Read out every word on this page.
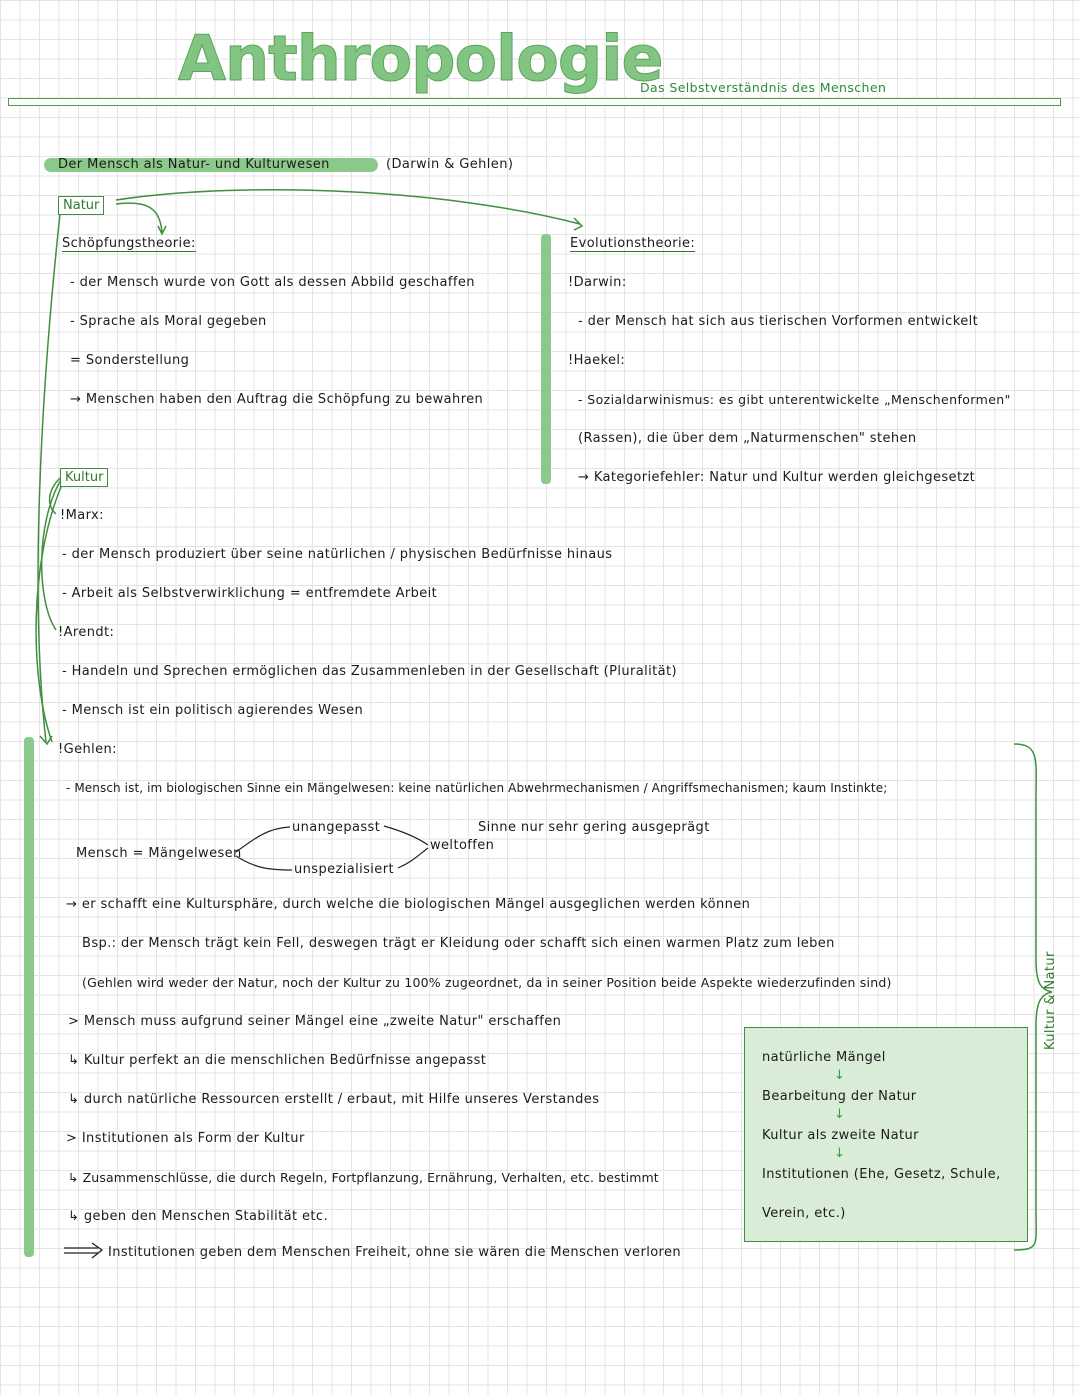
Anthropologie
Das Selbstverständnis des Menschen
Der Mensch als Natur- und Kulturwesen	(Darwin & Gehlen)
Natur
Schöpfungstheorie:
- der Mensch wurde von Gott als dessen Abbild geschaffen
- Sprache als Moral gegeben
= Sonderstellung
→ Menschen haben den Auftrag die Schöpfung zu bewahren
Evolutionstheorie:
!Darwin:
- der Mensch hat sich aus tierischen Vorformen entwickelt
!Haekel:
- Sozialdarwinismus: es gibt unterentwickelte „Menschenformen"
(Rassen), die über dem „Naturmenschen" stehen
→ Kategoriefehler: Natur und Kultur werden gleichgesetzt
Kultur
!Marx:
- der Mensch produziert über seine natürlichen / physischen Bedürfnisse hinaus
- Arbeit als Selbstverwirklichung = entfremdete Arbeit
!Arendt:
- Handeln und Sprechen ermöglichen das Zusammenleben in der Gesellschaft (Pluralität)
- Mensch ist ein politisch agierendes Wesen
!Gehlen:
- Mensch ist, im biologischen Sinne ein Mängelwesen: keine natürlichen Abwehrmechanismen / Angriffsmechanismen; kaum Instinkte;
Mensch = Mängelwesen
unangepasst
unspezialisiert
weltoffen
Sinne nur sehr gering ausgeprägt
→ er schafft eine Kultursphäre, durch welche die biologischen Mängel ausgeglichen werden können
Bsp.: der Mensch trägt kein Fell, deswegen trägt er Kleidung oder schafft sich einen warmen Platz zum leben
(Gehlen wird weder der Natur, noch der Kultur zu 100% zugeordnet, da in seiner Position beide Aspekte wiederzufinden sind)
> Mensch muss aufgrund seiner Mängel eine „zweite Natur" erschaffen
↳ Kultur perfekt an die menschlichen Bedürfnisse angepasst
↳ durch natürliche Ressourcen erstellt / erbaut, mit Hilfe unseres Verstandes
> Institutionen als Form der Kultur
↳ Zusammenschlüsse, die durch Regeln, Fortpflanzung, Ernährung, Verhalten, etc. bestimmt
↳ geben den Menschen Stabilität etc.
Institutionen geben dem Menschen Freiheit, ohne sie wären die Menschen verloren
natürliche Mängel
↓
Bearbeitung der Natur
↓
Kultur als zweite Natur
↓
Institutionen (Ehe, Gesetz, Schule,
Verein, etc.)
Kultur & Natur
